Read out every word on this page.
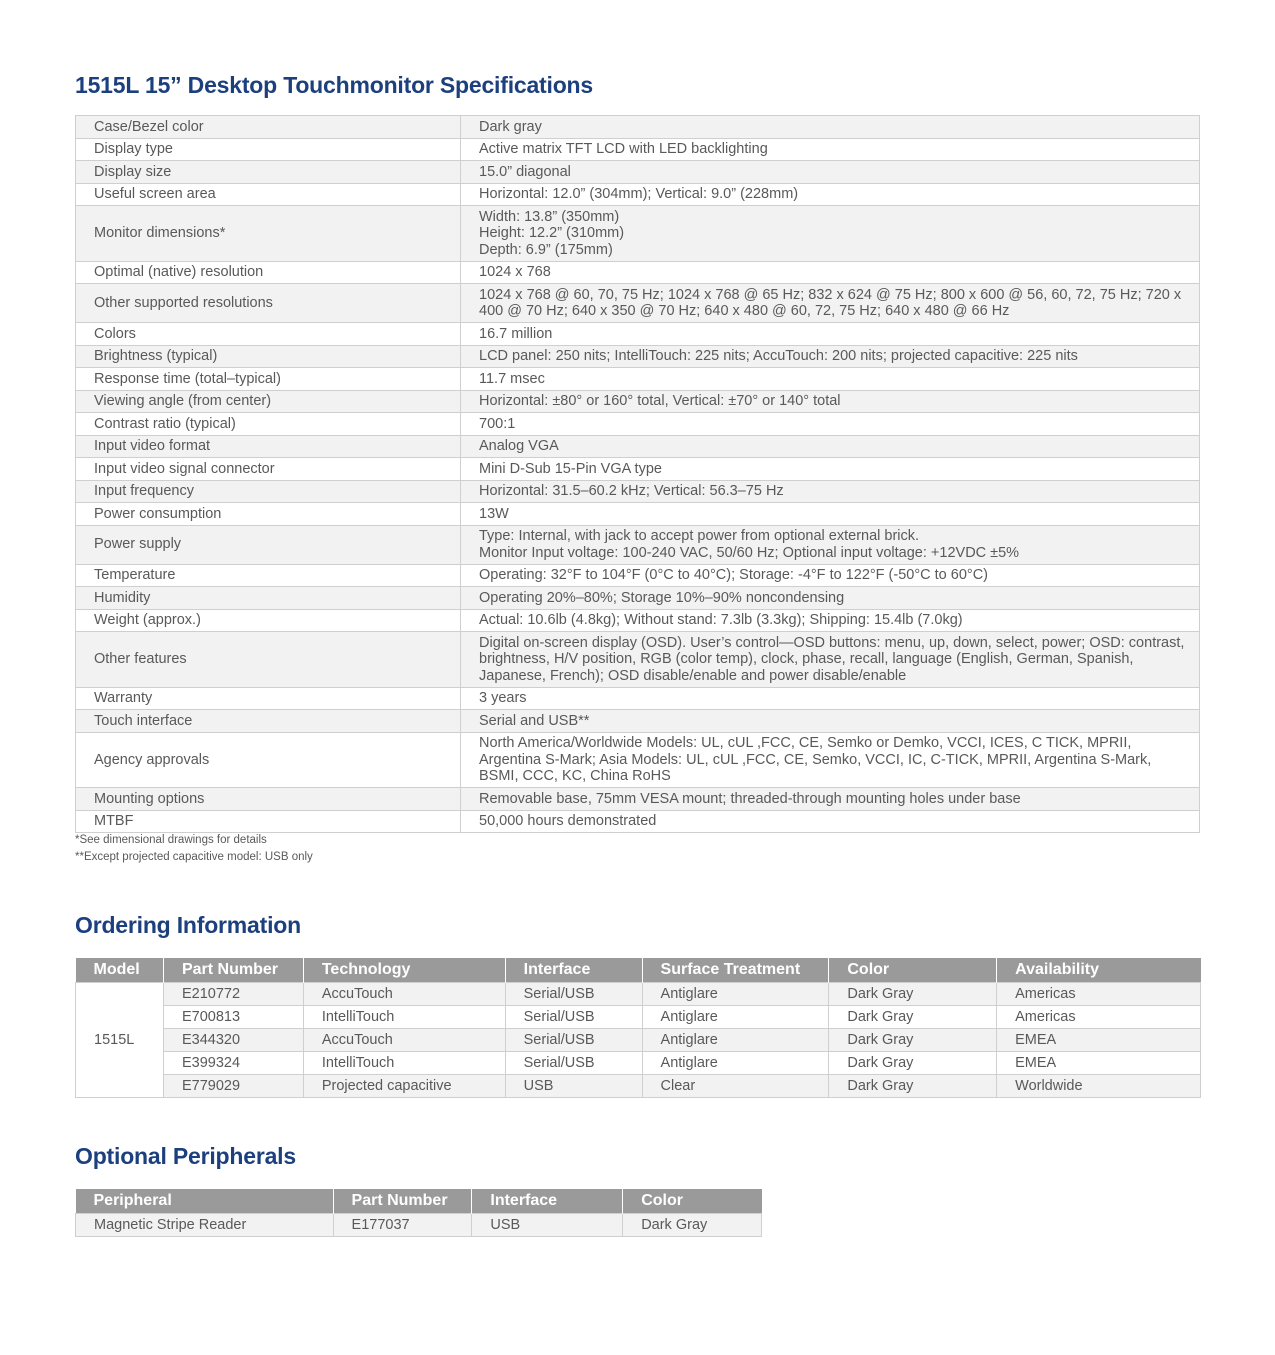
1515L 15” Desktop Touchmonitor Specifications
Case/Bezel color	Dark gray

Display type	Active matrix TFT LCD with LED backlighting

Display size	15.0” diagonal

Useful screen area	Horizontal: 12.0” (304mm); Vertical: 9.0” (228mm)

Monitor dimensions*	Width: 13.8” (350mm)
Height: 12.2” (310mm)
Depth: 6.9” (175mm)

Optimal (native) resolution	1024 x 768

Other supported resolutions	1024 x 768 @ 60, 70, 75 Hz; 1024 x 768 @ 65 Hz; 832 x 624 @ 75 Hz; 800 x 600 @ 56, 60, 72, 75 Hz; 720 x 400 @ 70 Hz; 640 x 350 @ 70 Hz; 640 x 480 @ 60, 72, 75 Hz; 640 x 480 @ 66 Hz

Colors	16.7 million

Brightness (typical)	LCD panel: 250 nits; IntelliTouch: 225 nits; AccuTouch: 200 nits; projected capacitive: 225 nits

Response time (total–typical)	11.7 msec

Viewing angle (from center)	Horizontal: ±80° or 160° total, Vertical: ±70° or 140° total

Contrast ratio (typical)	700:1

Input video format	Analog VGA

Input video signal connector	Mini D-Sub 15-Pin VGA type

Input frequency	Horizontal: 31.5–60.2 kHz; Vertical: 56.3–75 Hz

Power consumption	13W

Power supply	Type: Internal, with jack to accept power from optional external brick.
Monitor Input voltage: 100-240 VAC, 50/60 Hz; Optional input voltage: +12VDC ±5%

Temperature	Operating: 32°F to 104°F (0°C to 40°C); Storage: -4°F to 122°F (-50°C to 60°C)

Humidity	Operating 20%–80%; Storage 10%–90% noncondensing

Weight (approx.)	Actual: 10.6lb (4.8kg); Without stand: 7.3lb (3.3kg); Shipping: 15.4lb (7.0kg)

Other features	Digital on-screen display (OSD). User’s control—OSD buttons: menu, up, down, select, power; OSD: contrast, brightness, H/V position, RGB (color temp), clock, phase, recall, language (English, German, Spanish, Japanese, French); OSD disable/enable and power disable/enable

Warranty	3 years

Touch interface	Serial and USB**

Agency approvals	North America/Worldwide Models: UL, cUL ,FCC, CE, Semko or Demko, VCCI, ICES, C TICK, MPRII, Argentina S-Mark; Asia Models: UL, cUL ,FCC, CE, Semko, VCCI, IC, C-TICK, MPRII, Argentina S-Mark, BSMI, CCC, KC, China RoHS

Mounting options	Removable base, 75mm VESA mount; threaded-through mounting holes under base

MTBF	50,000 hours demonstrated
*See dimensional drawings for details
**Except projected capacitive model: USB only
Ordering Information
Model	Part Number	Technology	Interface	Surface Treatment	Color	Availability
1515L	E210772	AccuTouch	Serial/USB	Antiglare	Dark Gray	Americas
	E700813	IntelliTouch	Serial/USB	Antiglare	Dark Gray	Americas
	E344320	AccuTouch	Serial/USB	Antiglare	Dark Gray	EMEA
	E399324	IntelliTouch	Serial/USB	Antiglare	Dark Gray	EMEA
	E779029	Projected capacitive	USB	Clear	Dark Gray	Worldwide
Optional Peripherals
Peripheral	Part Number	Interface	Color
Magnetic Stripe Reader	E177037	USB	Dark Gray
